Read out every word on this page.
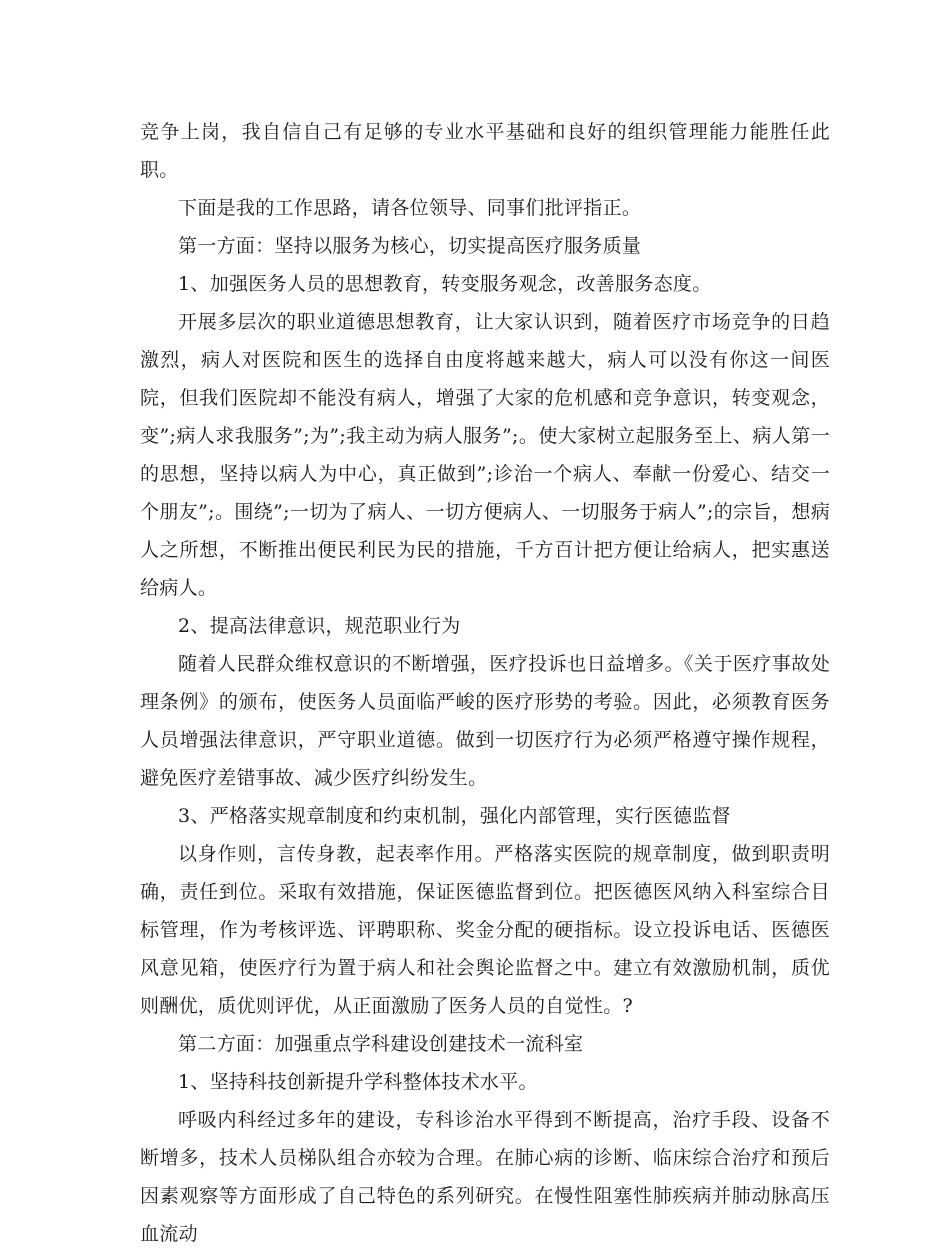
竞争上岗，我自信自己有足够的专业水平基础和良好的组织管理能力能胜任此职。

下面是我的工作思路，请各位领导、同事们批评指正。

第一方面：坚持以服务为核心，切实提高医疗服务质量

1、加强医务人员的思想教育，转变服务观念，改善服务态度。

开展多层次的职业道德思想教育，让大家认识到，随着医疗市场竞争的日趋激烈，病人对医院和医生的选择自由度将越来越大，病人可以没有你这一间医院，但我们医院却不能没有病人，增强了大家的危机感和竞争意识，转变观念，变”;病人求我服务”;为”;我主动为病人服务”;。使大家树立起服务至上、病人第一的思想，坚持以病人为中心，真正做到”;诊治一个病人、奉献一份爱心、结交一个朋友”;。围绕”;一切为了病人、一切方便病人、一切服务于病人”;的宗旨，想病人之所想，不断推出便民利民为民的措施，千方百计把方便让给病人，把实惠送给病人。

2、提高法律意识，规范职业行为

随着人民群众维权意识的不断增强，医疗投诉也日益增多。《关于医疗事故处理条例》的颁布，使医务人员面临严峻的医疗形势的考验。因此，必须教育医务人员增强法律意识，严守职业道德。做到一切医疗行为必须严格遵守操作规程，避免医疗差错事故、减少医疗纠纷发生。

3、严格落实规章制度和约束机制，强化内部管理，实行医德监督

以身作则，言传身教，起表率作用。严格落实医院的规章制度，做到职责明确，责任到位。采取有效措施，保证医德监督到位。把医德医风纳入科室综合目标管理，作为考核评选、评聘职称、奖金分配的硬指标。设立投诉电话、医德医风意见箱，使医疗行为置于病人和社会舆论监督之中。建立有效激励机制，质优则酬优，质优则评优，从正面激励了医务人员的自觉性。?

第二方面：加强重点学科建设创建技术一流科室

1、坚持科技创新提升学科整体技术水平。

呼吸内科经过多年的建设，专科诊治水平得到不断提高，治疗手段、设备不断增多，技术人员梯队组合亦较为合理。在肺心病的诊断、临床综合治疗和预后因素观察等方面形成了自己特色的系列研究。在慢性阻塞性肺疾病并肺动脉高压血流动
